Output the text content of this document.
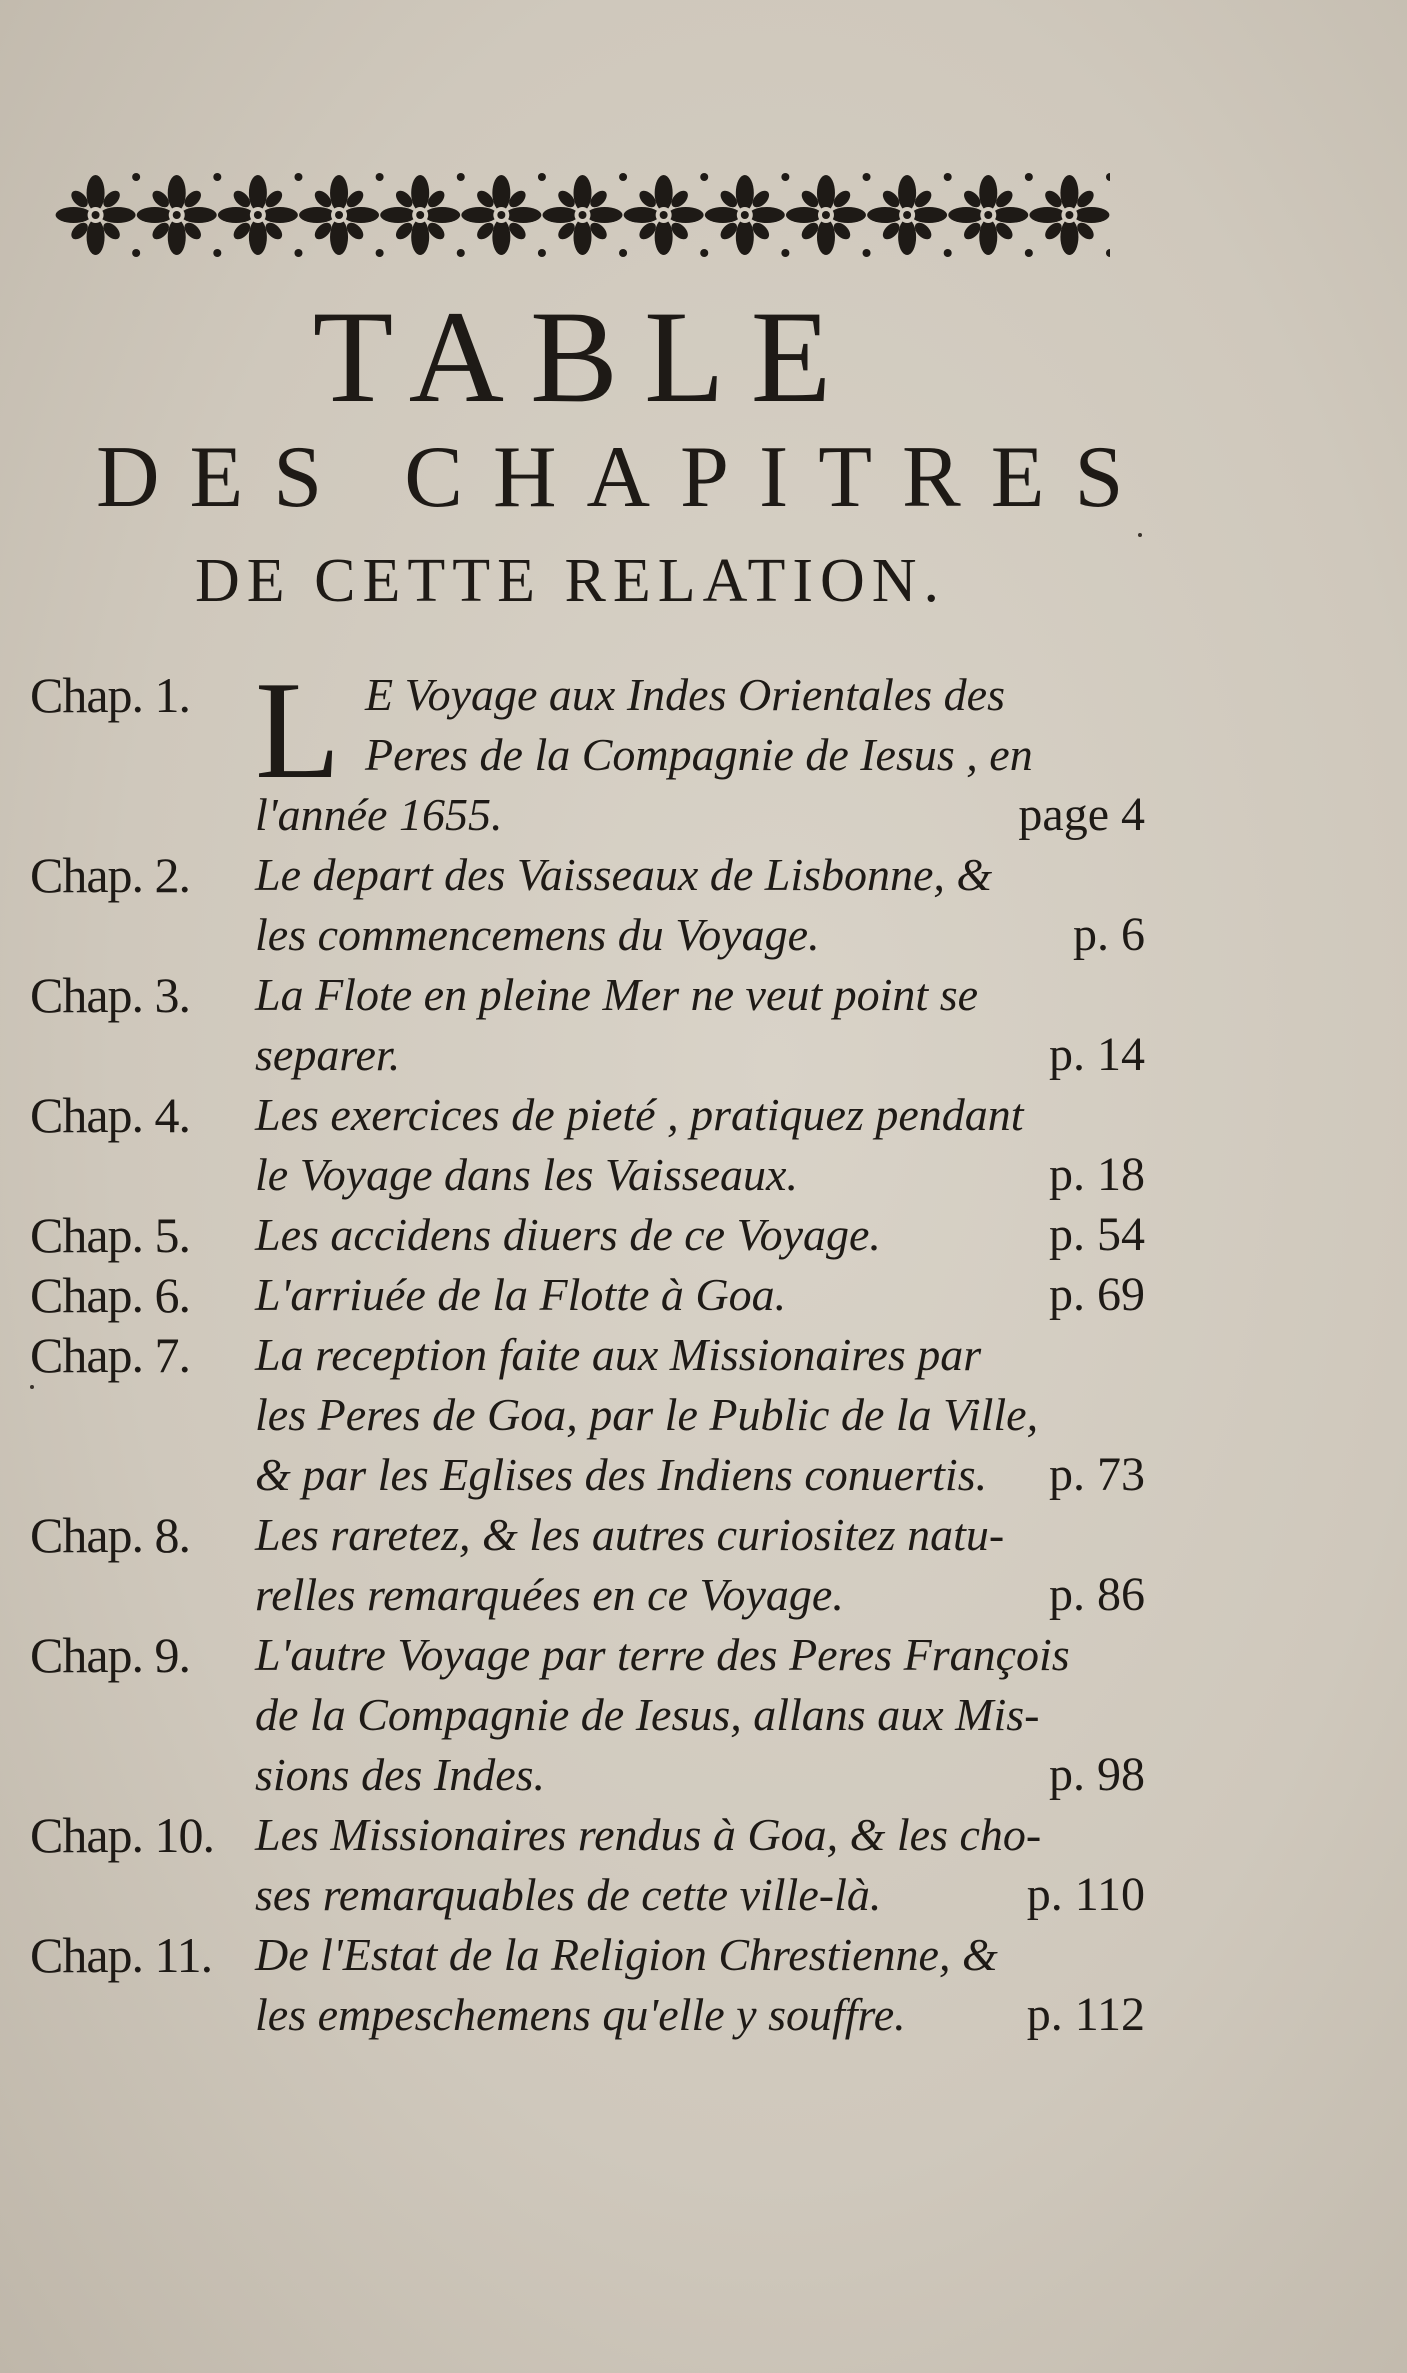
TABLE
DES CHAPITRES
DE CETTE RELATION.
Chap. 1. L E Voyage aux Indes Orientales des
Peres de la Compagnie de Iesus , en
l'année 1655.	page 4
Chap. 2. Le depart des Vaisseaux de Lisbonne, &
les commencemens du Voyage.	p. 6
Chap. 3. La Flote en pleine Mer ne veut point se
separer.	p. 14
Chap. 4. Les exercices de pieté , pratiquez pendant
le Voyage dans les Vaisseaux.	p. 18
Chap. 5. Les accidens diuers de ce Voyage.	p. 54
Chap. 6. L'arriuée de la Flotte à Goa.	p. 69
Chap. 7. La reception faite aux Missionaires par
les Peres de Goa, par le Public de la Ville,
& par les Eglises des Indiens conuertis.	p. 73
Chap. 8. Les raretez, & les autres curiositez natu-
relles remarquées en ce Voyage.	p. 86
Chap. 9. L'autre Voyage par terre des Peres François
de la Compagnie de Iesus, allans aux Mis-
sions des Indes.	p. 98
Chap. 10. Les Missionaires rendus à Goa, & les cho-
ses remarquables de cette ville-là.	p. 110
Chap. 11. De l'Estat de la Religion Chrestienne, &
les empeschemens qu'elle y souffre.	p. 112
